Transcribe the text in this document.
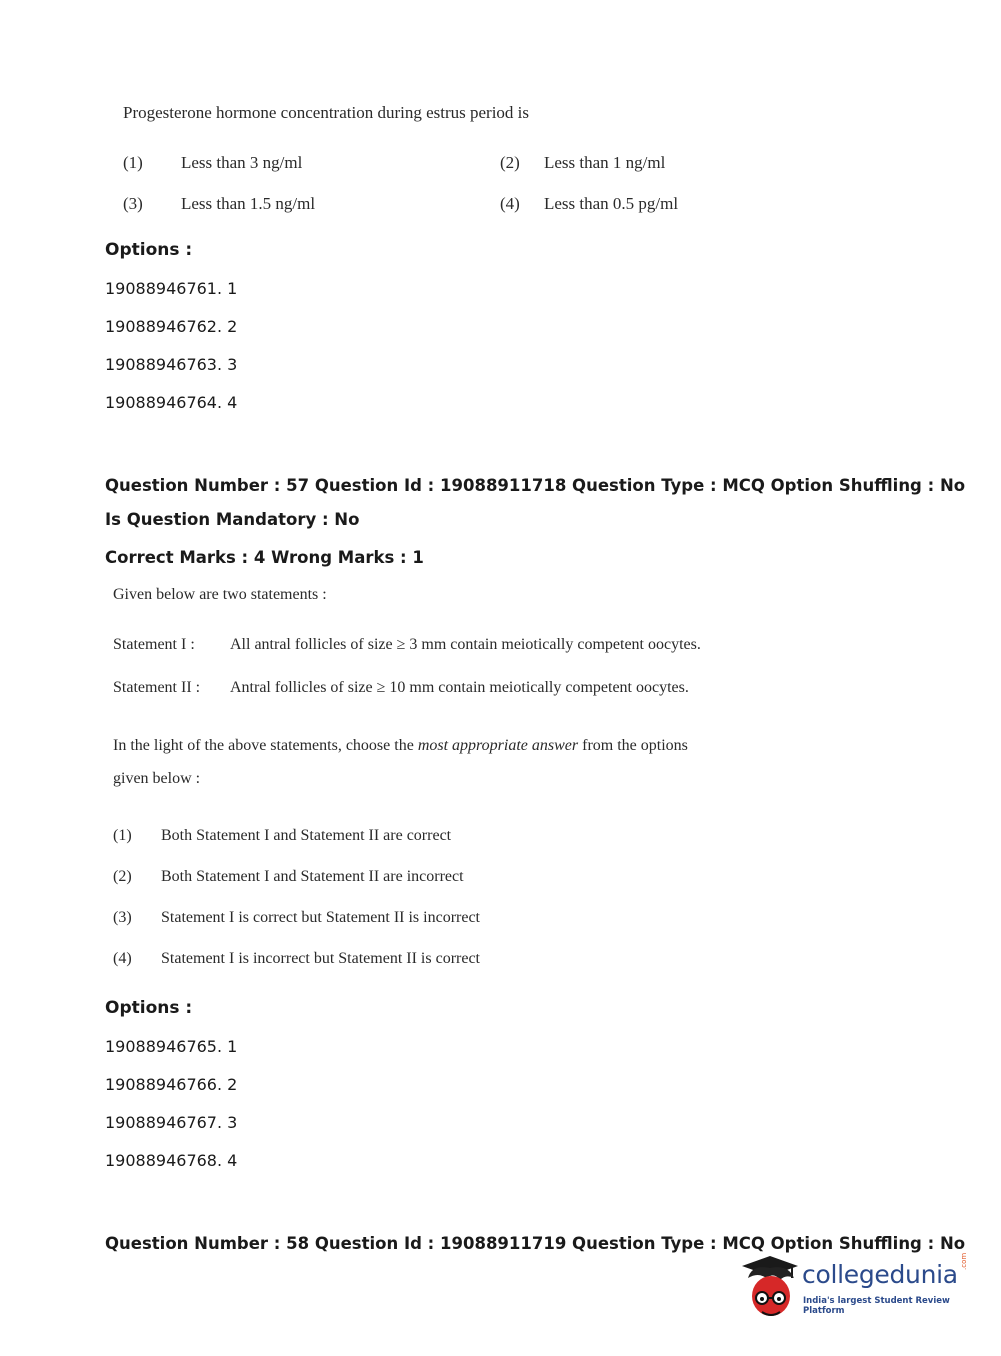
Progesterone hormone concentration during estrus period is
(1) Less than 3 ng/ml	(2) Less than 1 ng/ml
(3) Less than 1.5 ng/ml	(4) Less than 0.5 pg/ml
Options :
19088946761. 1
19088946762. 2
19088946763. 3
19088946764. 4
Question Number : 57 Question Id : 19088911718 Question Type : MCQ Option Shuffling : No
Is Question Mandatory : No
Correct Marks : 4 Wrong Marks : 1
Given below are two statements :
Statement I : All antral follicles of size ≥ 3 mm contain meiotically competent oocytes.
Statement II : Antral follicles of size ≥ 10 mm contain meiotically competent oocytes.
In the light of the above statements, choose the most appropriate answer from the options
given below :
(1) Both Statement I and Statement II are correct
(2) Both Statement I and Statement II are incorrect
(3) Statement I is correct but Statement II is incorrect
(4) Statement I is incorrect but Statement II is correct
Options :
19088946765. 1
19088946766. 2
19088946767. 3
19088946768. 4
Question Number : 58 Question Id : 19088911719 Question Type : MCQ Option Shuffling : No
collegedunia .com
India's largest Student Review Platform
